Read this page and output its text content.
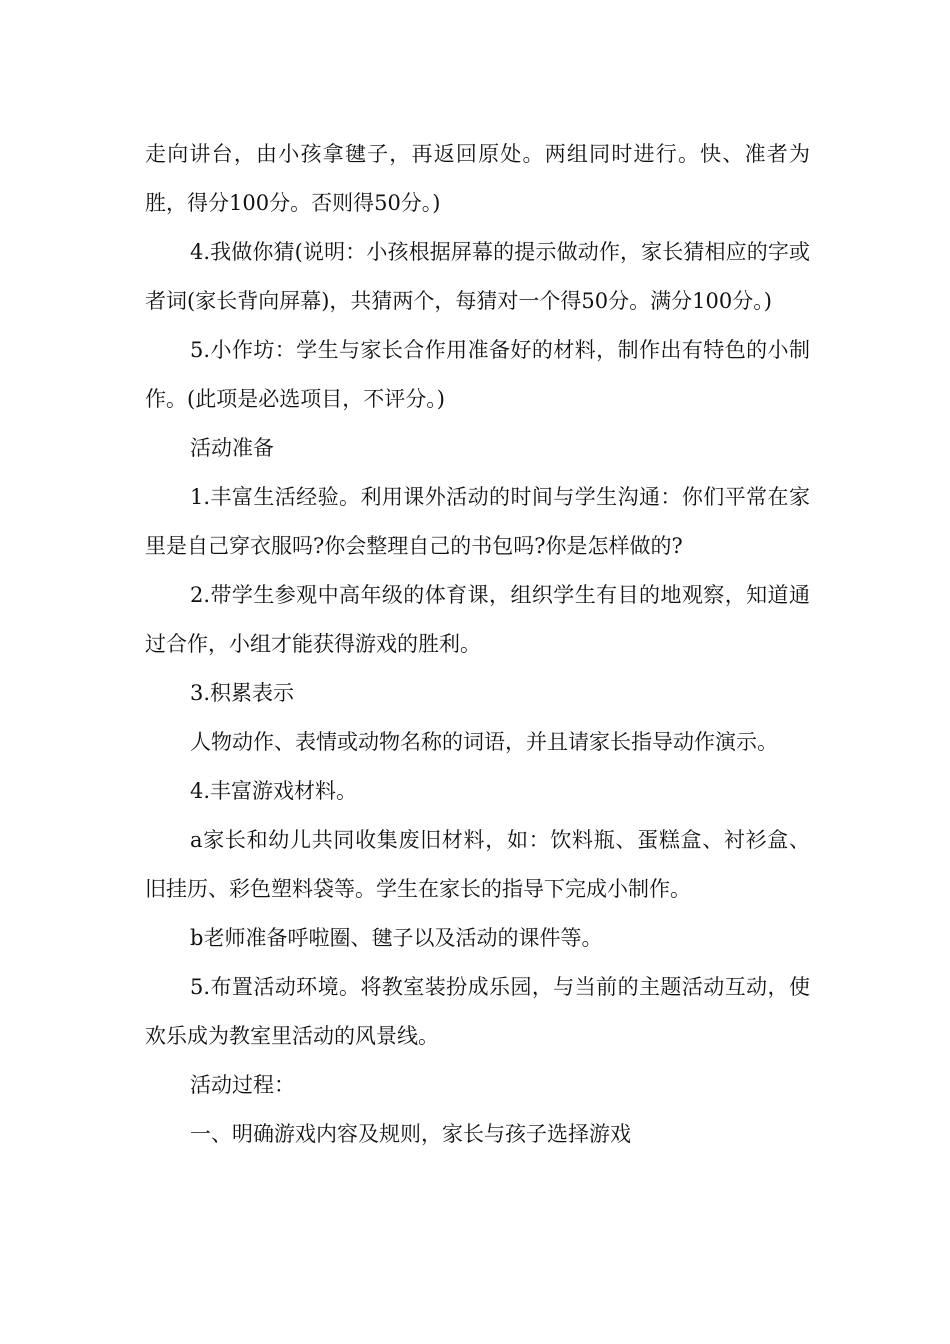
走向讲台，由小孩拿毽子，再返回原处。两组同时进行。快、准者为胜，得分100分。否则得50分。)

4.我做你猜(说明：小孩根据屏幕的提示做动作，家长猜相应的字或者词(家长背向屏幕)，共猜两个，每猜对一个得50分。满分100分。)

5.小作坊：学生与家长合作用准备好的材料，制作出有特色的小制作。(此项是必选项目，不评分。)

活动准备

1.丰富生活经验。利用课外活动的时间与学生沟通：你们平常在家里是自己穿衣服吗?你会整理自己的书包吗?你是怎样做的?

2.带学生参观中高年级的体育课，组织学生有目的地观察，知道通过合作，小组才能获得游戏的胜利。

3.积累表示

人物动作、表情或动物名称的词语，并且请家长指导动作演示。

4.丰富游戏材料。

a家长和幼儿共同收集废旧材料，如：饮料瓶、蛋糕盒、衬衫盒、旧挂历、彩色塑料袋等。学生在家长的指导下完成小制作。

b老师准备呼啦圈、毽子以及活动的课件等。

5.布置活动环境。将教室装扮成乐园，与当前的主题活动互动，使欢乐成为教室里活动的风景线。

活动过程：

一、明确游戏内容及规则，家长与孩子选择游戏
